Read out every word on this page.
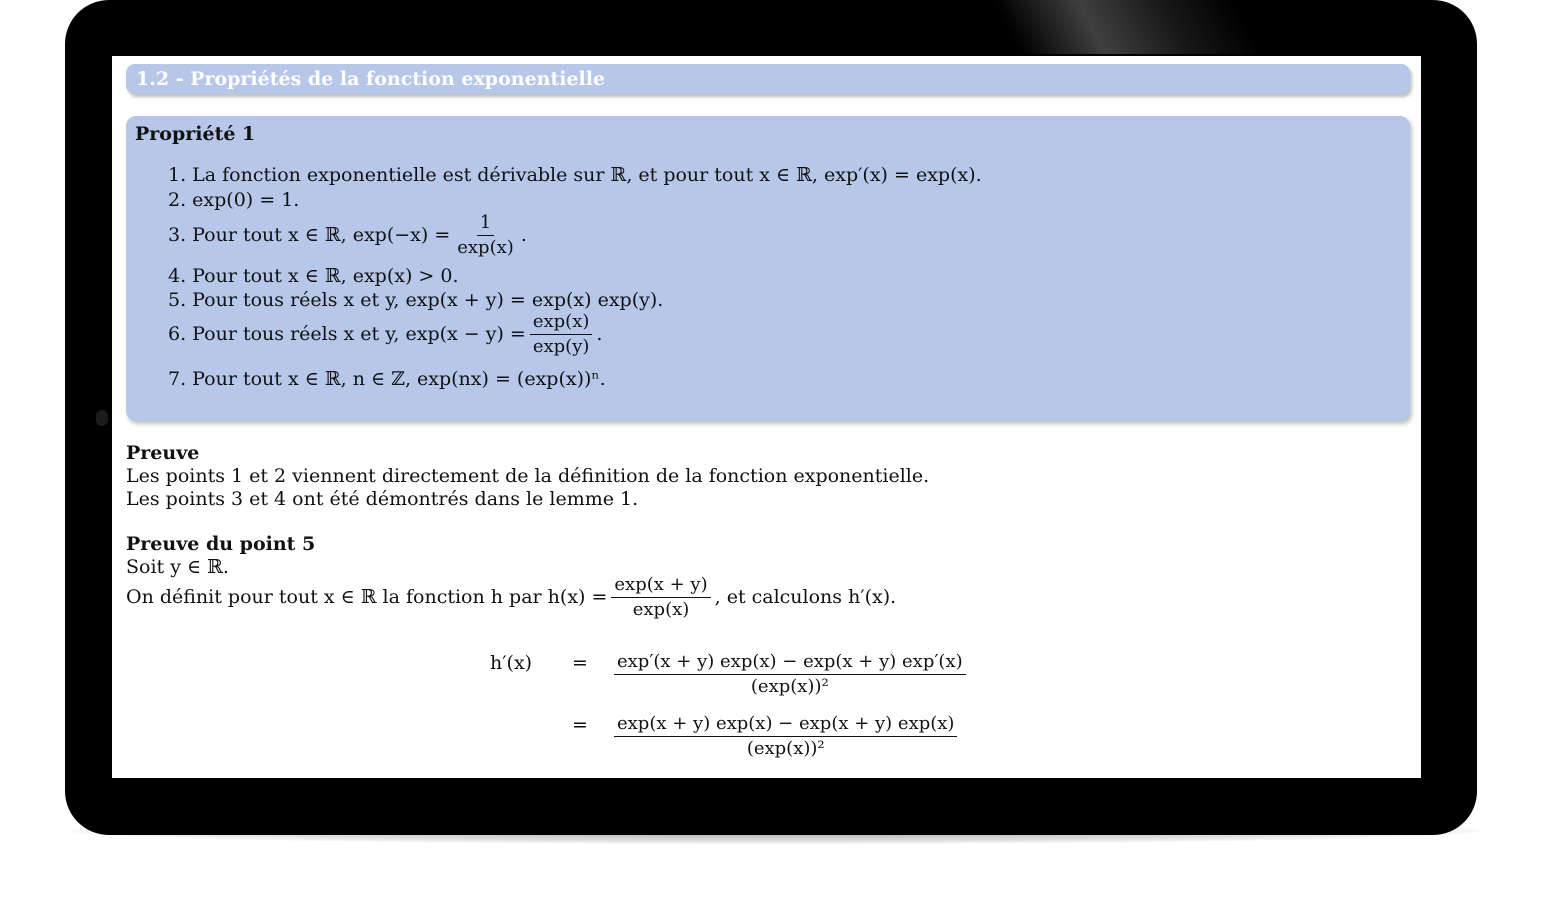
1.2 - Propriétés de la fonction exponentielle
Propriété 1
1. La fonction exponentielle est dérivable sur ℝ, et pour tout x ∈ ℝ, exp′(x) = exp(x).
2. exp(0) = 1.
3. Pour tout x ∈ ℝ, $\exp(-x) = \frac{1}{\exp(x)}$ .
4. Pour tout x ∈ ℝ, exp(x) > 0.
5. Pour tous réels x et y, exp(x + y) = exp(x) exp(y).
6. Pour tous réels x et y, $\exp(x - y) = \frac{\exp(x)}{\exp(y)}$ .
7. Pour tout x ∈ ℝ, n ∈ ℤ, exp(nx) = (exp(x))ⁿ.
Preuve
Les points 1 et 2 viennent directement de la définition de la fonction exponentielle.
Les points 3 et 4 ont été démontrés dans le lemme 1.
Preuve du point 5
Soit y ∈ ℝ.
On définit pour tout x ∈ ℝ la fonction h par $h(x) = \frac{\exp(x + y)}{\exp(x)}$ , et calculons h′(x).
h′(x)	=	$\frac{\exp'(x + y) \exp(x) - \exp(x + y) \exp'(x)}{\text{(exp(x))²}}$
=	$\frac{\exp(x + y) \exp(x) - \exp(x + y) \exp(x)}{\text{(exp(x))²}}$
